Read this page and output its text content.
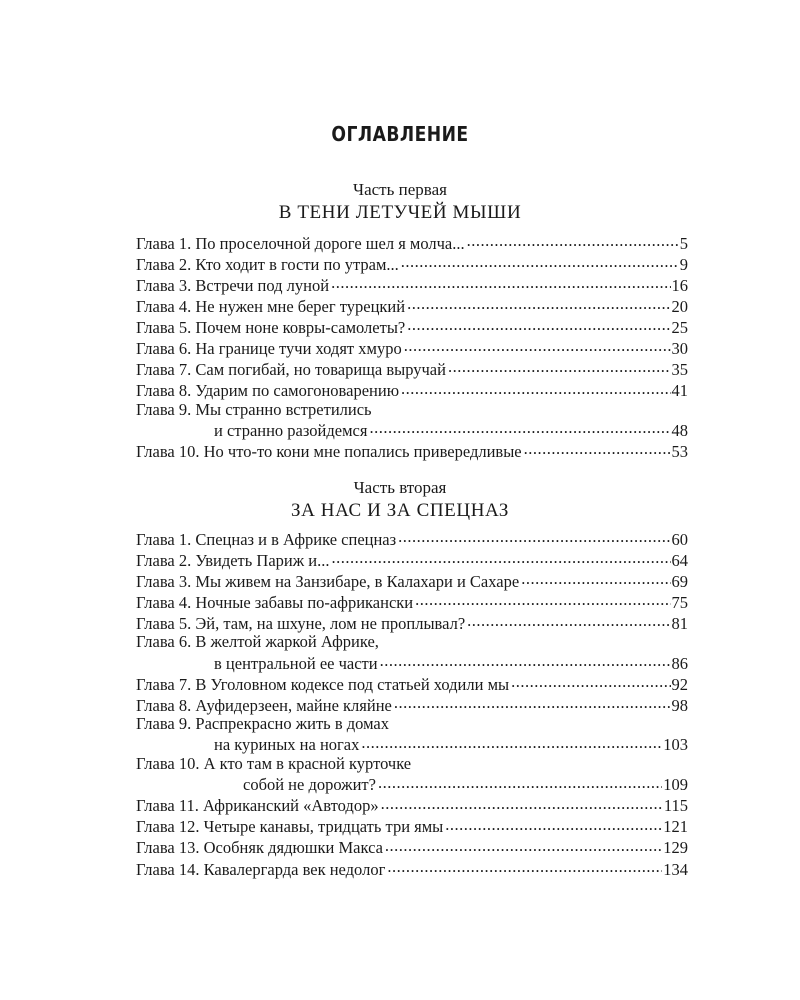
ОГЛАВЛЕНИЕ

Часть первая

В ТЕНИ ЛЕТУЧЕЙ МЫШИ

Глава 1. По проселочной дороге шел я молча... .....	5
Глава 2. Кто ходит в гости по утрам... .....	9
Глава 3. Встречи под луной .....	16
Глава 4. Не нужен мне берег турецкий .....	20
Глава 5. Почем ноне ковры-самолеты? .....	25
Глава 6. На границе тучи ходят хмуро .....	30
Глава 7. Сам погибай, но товарища выручай .....	35
Глава 8. Ударим по самогоноварению .....	41
Глава 9. Мы странно встретились
и странно разойдемся .....	48
Глава 10. Но что-то кони мне попались привередливые .....	53

Часть вторая

ЗА НАС И ЗА СПЕЦНАЗ

Глава 1. Спецназ и в Африке спецназ .....	60
Глава 2. Увидеть Париж и... .....	64
Глава 3. Мы живем на Занзибаре, в Калахари и Сахаре .....	69
Глава 4. Ночные забавы по-африкански .....	75
Глава 5. Эй, там, на шхуне, лом не проплывал? .....	81
Глава 6. В желтой жаркой Африке,
в центральной ее части .....	86
Глава 7. В Уголовном кодексе под статьей ходили мы .....	92
Глава 8. Ауфидерзеен, майне кляйне .....	98
Глава 9. Распрекрасно жить в домах
на куриных на ногах .....	103
Глава 10. А кто там в красной курточке
собой не дорожит? .....	109
Глава 11. Африканский «Автодор» .....	115
Глава 12. Четыре канавы, тридцать три ямы .....	121
Глава 13. Особняк дядюшки Макса .....	129
Глава 14. Кавалергарда век недолог .....	134
